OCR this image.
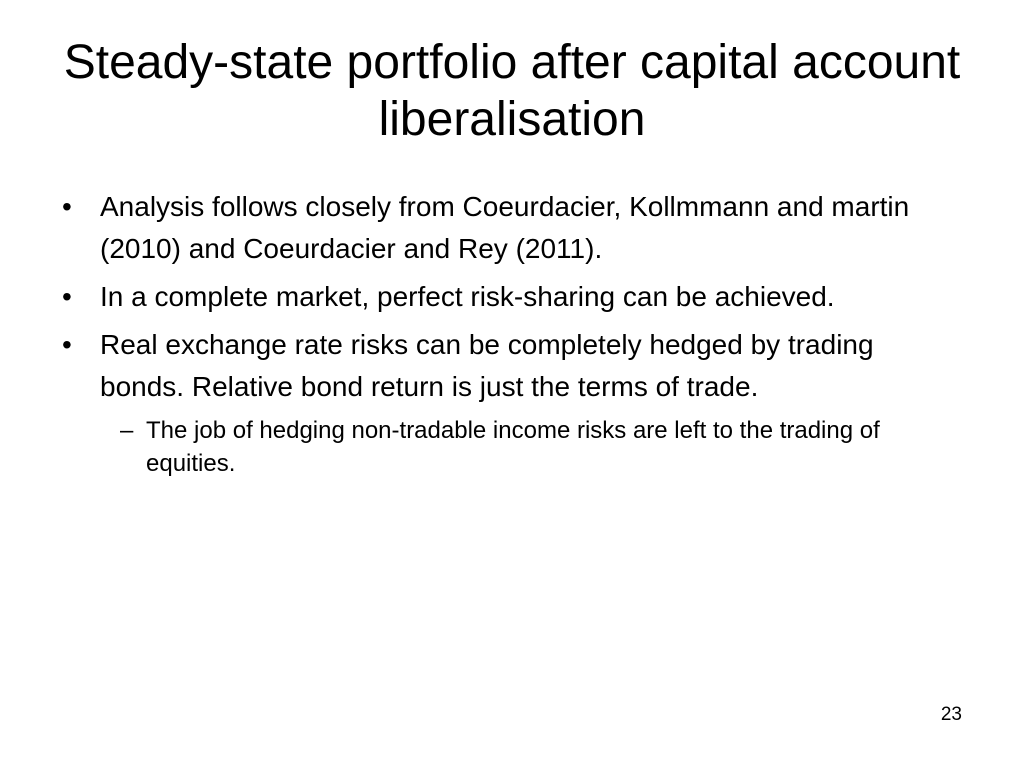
Steady-state portfolio after capital account liberalisation
•	Analysis follows closely from Coeurdacier, Kollmmann and martin (2010) and Coeurdacier and Rey (2011).
•	In a complete market, perfect risk-sharing can be achieved.
•	Real exchange rate risks can be completely hedged by trading bonds. Relative bond return is just the terms of trade.
– The job of hedging non-tradable income risks are left to the trading of equities.
23
